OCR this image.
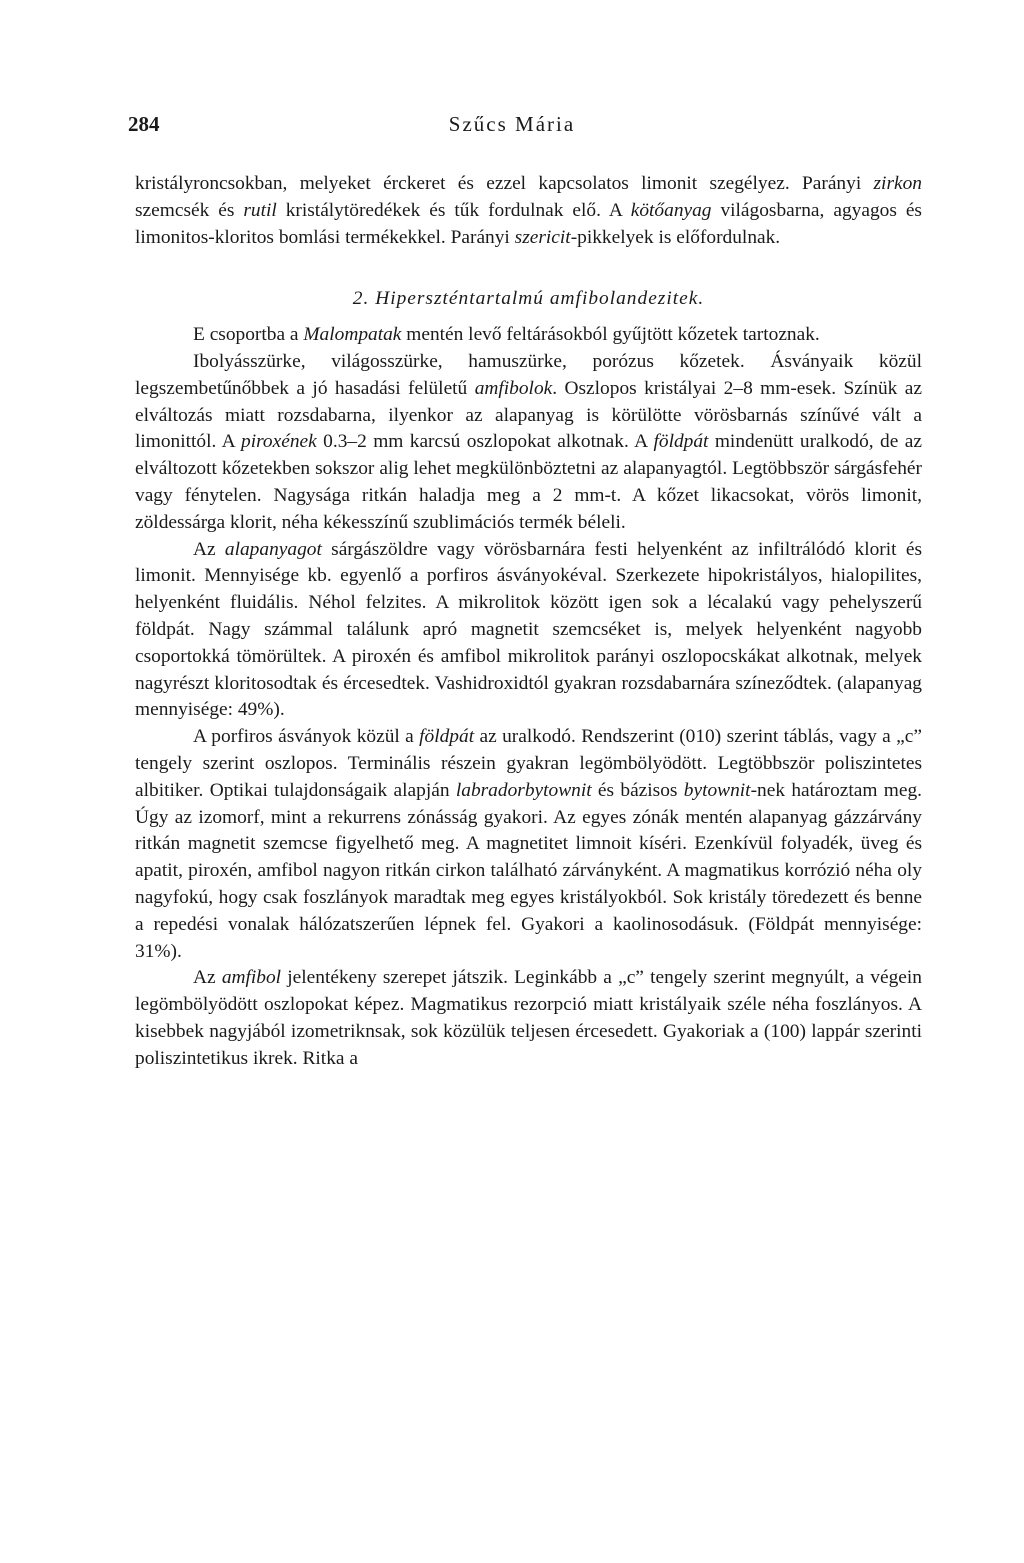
284	Szűcs Mária

kristályroncsokban, melyeket érckeret és ezzel kapcsolatos limonit szegélyez. Parányi zirkon szemcsék és rutil kristálytöredékek és tűk fordulnak elő. A kötőanyag világosbarna, agyagos és limonitos-kloritos bomlási termékekkel. Parányi szericit-pikkelyek is előfordulnak.

2. Hiperszténtartalmú amfibolandezitek.

E csoportba a Malompatak mentén levő feltárásokból gyűjtött kőzetek tartoznak.

Ibolyásszürke, világosszürke, hamuszürke, porózus kőzetek. Ásványaik közül legszembetűnőbbek a jó hasadási felületű amfibolok. Oszlopos kristályai 2–8 mm-esek. Színük az elváltozás miatt rozsdabarna, ilyenkor az alapanyag is körülötte vörösbarnás színűvé vált a limonittól. A piroxének 0.3–2 mm karcsú oszlopokat alkotnak. A földpát mindenütt uralkodó, de az elváltozott kőzetekben sokszor alig lehet megkülönböztetni az alapanyagtól. Legtöbbször sárgásfehér vagy fénytelen. Nagysága ritkán haladja meg a 2 mm-t. A kőzet likacsokat, vörös limonit, zöldessárga klorit, néha kékesszínű szublimációs termék béleli.

Az alapanyagot sárgászöldre vagy vörösbarnára festi helyenként az infiltrálódó klorit és limonit. Mennyisége kb. egyenlő a porfiros ásványokéval. Szerkezete hipokristályos, hialopilites, helyenként fluidális. Néhol felzites. A mikrolitok között igen sok a lécalakú vagy pehelyszerű földpát. Nagy számmal találunk apró magnetit szemcséket is, melyek helyenként nagyobb csoportokká tömörültek. A piroxén és amfibol mikrolitok parányi oszlopocskákat alkotnak, melyek nagyrészt kloritosodtak és ércesedtek. Vashidroxidtól gyakran rozsdabarnára színeződtek. (alapanyag mennyisége: 49%).

A porfiros ásványok közül a földpát az uralkodó. Rendszerint (010) szerint táblás, vagy a „c” tengely szerint oszlopos. Terminális részein gyakran legömbölyödött. Legtöbbször poliszintetes albitiker. Optikai tulajdonságaik alapján labradorbytownit és bázisos bytownit-nek határoztam meg. Úgy az izomorf, mint a rekurrens zónásság gyakori. Az egyes zónák mentén alapanyag gázzárvány ritkán magnetit szemcse figyelhető meg. A magnetitet limnoit kíséri. Ezenkívül folyadék, üveg és apatit, piroxén, amfibol nagyon ritkán cirkon található zárványként. A magmatikus korrózió néha oly nagyfokú, hogy csak foszlányok maradtak meg egyes kristályokból. Sok kristály töredezett és benne a repedési vonalak hálózatszerűen lépnek fel. Gyakori a kaolinosodásuk. (Földpát mennyisége: 31%).

Az amfibol jelentékeny szerepet játszik. Leginkább a „c” tengely szerint megnyúlt, a végein legömbölyödött oszlopokat képez. Magmatikus rezorpció miatt kristályaik széle néha foszlányos. A kisebbek nagyjából izometriknsak, sok közülük teljesen ércesedett. Gyakoriak a (100) lappár szerinti poliszintetikus ikrek. Ritka a
